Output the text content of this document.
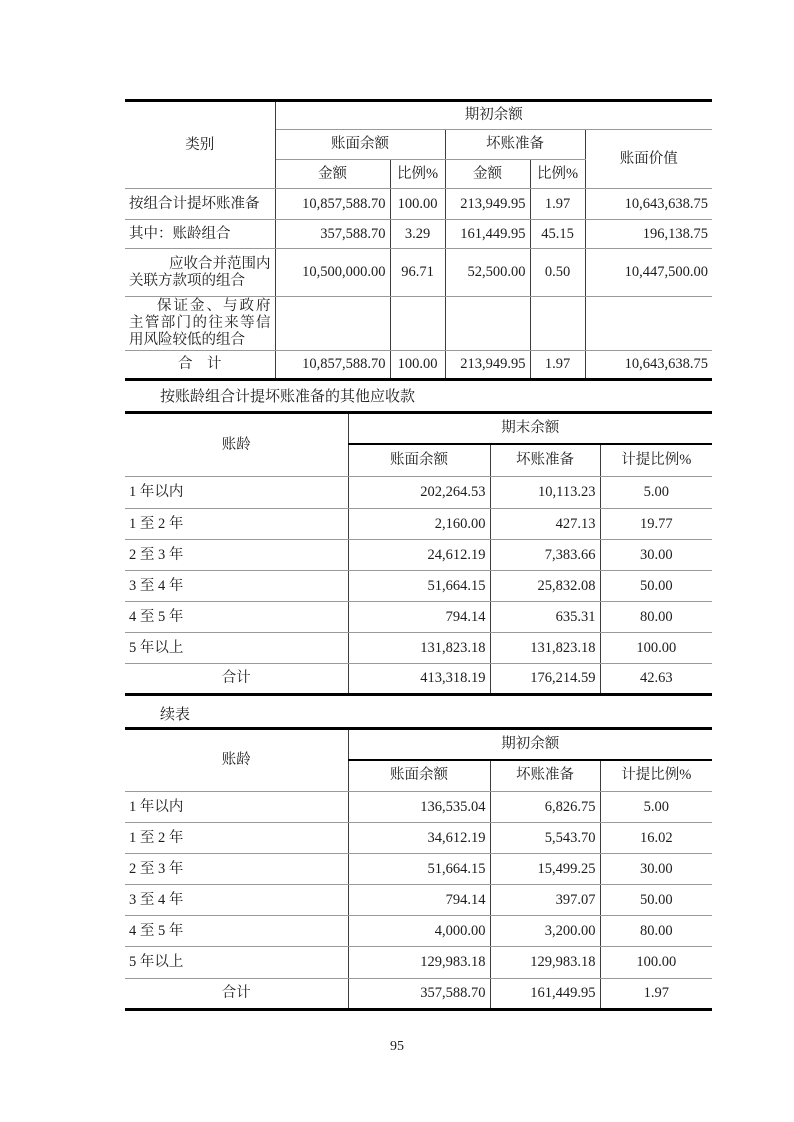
类别	期初余额				
	账面余额		坏账准备		账面价值
	金额	比例%	金额	比例%	
按组合计提坏账准备	10,857,588.70	100.00	213,949.95	1.97	10,643,638.75
其中：账龄组合	357,588.70	3.29	161,449.95	45.15	196,138.75
应收合并范围内关联方款项的组合	10,500,000.00	96.71	52,500.00	0.50	10,447,500.00
保证金、与政府主管部门的往来等信用风险较低的组合					
合　计	10,857,588.70	100.00	213,949.95	1.97	10,643,638.75
按账龄组合计提坏账准备的其他应收款
账龄	期末余额		
	账面余额	坏账准备	计提比例%
1 年以内	202,264.53	10,113.23	5.00
1 至 2 年	2,160.00	427.13	19.77
2 至 3 年	24,612.19	7,383.66	30.00
3 至 4 年	51,664.15	25,832.08	50.00
4 至 5 年	794.14	635.31	80.00
5 年以上	131,823.18	131,823.18	100.00
合计	413,318.19	176,214.59	42.63
续表
账龄	期初余额		
	账面余额	坏账准备	计提比例%
1 年以内	136,535.04	6,826.75	5.00
1 至 2 年	34,612.19	5,543.70	16.02
2 至 3 年	51,664.15	15,499.25	30.00
3 至 4 年	794.14	397.07	50.00
4 至 5 年	4,000.00	3,200.00	80.00
5 年以上	129,983.18	129,983.18	100.00
合计	357,588.70	161,449.95	1.97
95
